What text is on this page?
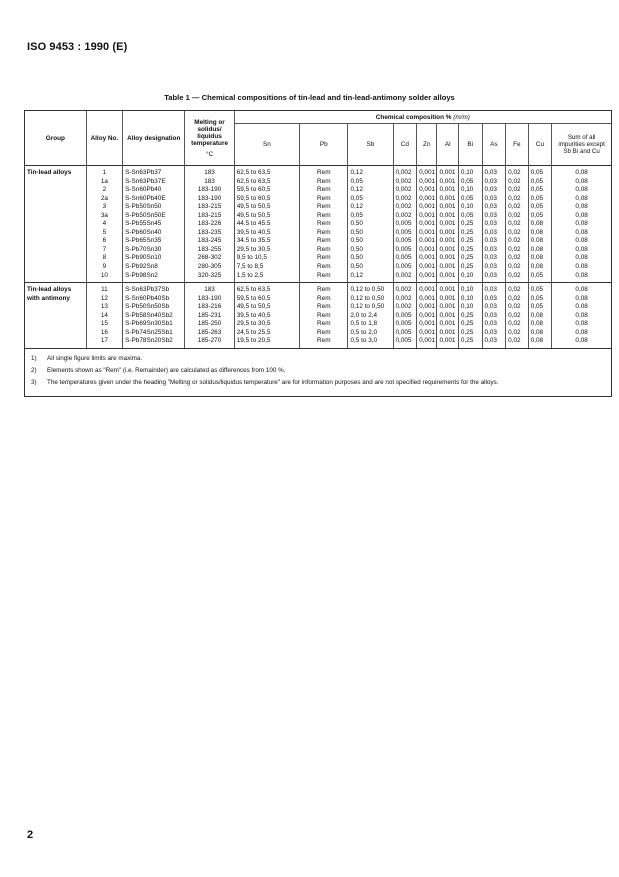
ISO 9453 : 1990 (E)
Table 1 — Chemical compositions of tin-lead and tin-lead-antimony solder alloys
Group	Alloy No.	Alloy designation	Melting or solidus/ liquidus temperature
°C	Chemical composition % (m/m)										
				Sn	Pb	Sb	Cd	Zn	Al	Bi	As	Fe	Cu	Sum of all impurities except Sb Bi and Cu
Tin-lead alloys	1	S-Sn63Pb37	183	62,5 to 63,5	Rem	0,12	0,002	0,001	0,001	0,10	0,03	0,02	0,05	0,08
	1a	S-Sn63Pb37E	183	62,5 to 63,5	Rem	0,05	0,002	0,001	0,001	0,05	0,03	0,02	0,05	0,08
	2	S-Sn60Pb40	183-190	59,5 to 60,5	Rem	0,12	0,002	0,001	0,001	0,10	0,03	0,02	0,05	0,08
	2a	S-Sn60Pb40E	183-190	59,5 to 60,5	Rem	0,05	0,002	0,001	0,001	0,05	0,03	0,02	0,05	0,08
	3	S-Pb50Sn50	183-215	49,5 to 50,5	Rem	0,12	0,002	0,001	0,001	0,10	0,03	0,02	0,05	0,08
	3a	S-Pb50Sn50E	183-215	49,5 to 50,5	Rem	0,05	0,002	0,001	0,001	0,05	0,03	0,02	0,05	0,08
	4	S-Pb55Sn45	183-226	44.5 to 45.5	Rem	0.50	0,005	0,001	0,001	0,25	0,03	0,02	0,08	0,08
	5	S-Pb60Sn40	183-235	39,5 to 40,5	Rem	0,50	0,005	0,001	0,001	0,25	0,03	0,02	0,08	0,08
	6	S-Pb65Sn35	183-245	34.5 to 35.5	Rem	0.50	0,005	0.001	0.001	0.25	0.03	0.02	0.08	0.08
	7	S-Pb70Sn30	183-255	29,5 to 30,5	Rem	0,50	0,005	0,001	0,001	0,25	0,03	0,02	0,08	0,08
	8	S-Pb90Sn10	268-302	9,5 to 10,5	Rem	0,50	0,005	0,001	0,001	0,25	0,03	0,02	0,08	0,08
	9	S-Pb92Sn8	280-305	7,5 to 8,5	Rem	0,50	0,005	0,001	0,001	0,25	0,03	0,02	0,08	0,08
	10	S-Pb98Sn2	320-325	1,5 to 2,5	Rem	0,12	0,002	0,001	0,001	0,10	0,03	0,02	0,05	0,08
Tin-lead alloys with antimony	11	S-Sn63Pb37Sb	183	62,5 to 63,5	Rem	0,12 to 0,50	0,002	0,001	0,001	0,10	0,03	0,02	0,05	0,08
	12	S-Sn60Pb40Sb	183-190	59,5 to 60,5	Rem	0,12 to 0,50	0,002	0,001	0,001	0,10	0,03	0,02	0,05	0,08
	13	S-Pb50Sn50Sb	183-216	49,5 to 50,5	Rem	0,12 to 0,50	0,002	0,001	0,001	0,10	0,03	0,02	0,05	0,08
	14	S-Pb58Sn40Sb2	185-231	39,5 to 40,5	Rem	2,0 to 2,4	0,005	0,001	0,001	0,25	0,03	0,02	0,08	0,08
	15	S-Pb69Sn30Sb1	185-250	29,5 to 30,5	Rem	0,5 to 1,8	0,005	0,001	0,001	0,25	0,03	0,02	0,08	0,08
	16	S-Pb74Sn25Sb1	185-263	24,5 to 25,5	Rem	0,5 to 2,0	0,005	0,001	0,001	0,25	0,03	0,02	0,08	0,08
	17	S-Pb78Sn20Sb2	185-270	19,5 to 20,5	Rem	0,5 to 3,0	0,005	0,001	0,001	0,25	0,03	0,02	0,08	0,08
1)	All single figure limits are maxima.
2)	Elements shown as "Rem" (i.e. Remainder) are calculated as differences from 100 %.
3)	The temperatures given under the heading "Melting or solidus/liquidus temperature" are for information purposes and are not specified requirements for the alloys.
2
